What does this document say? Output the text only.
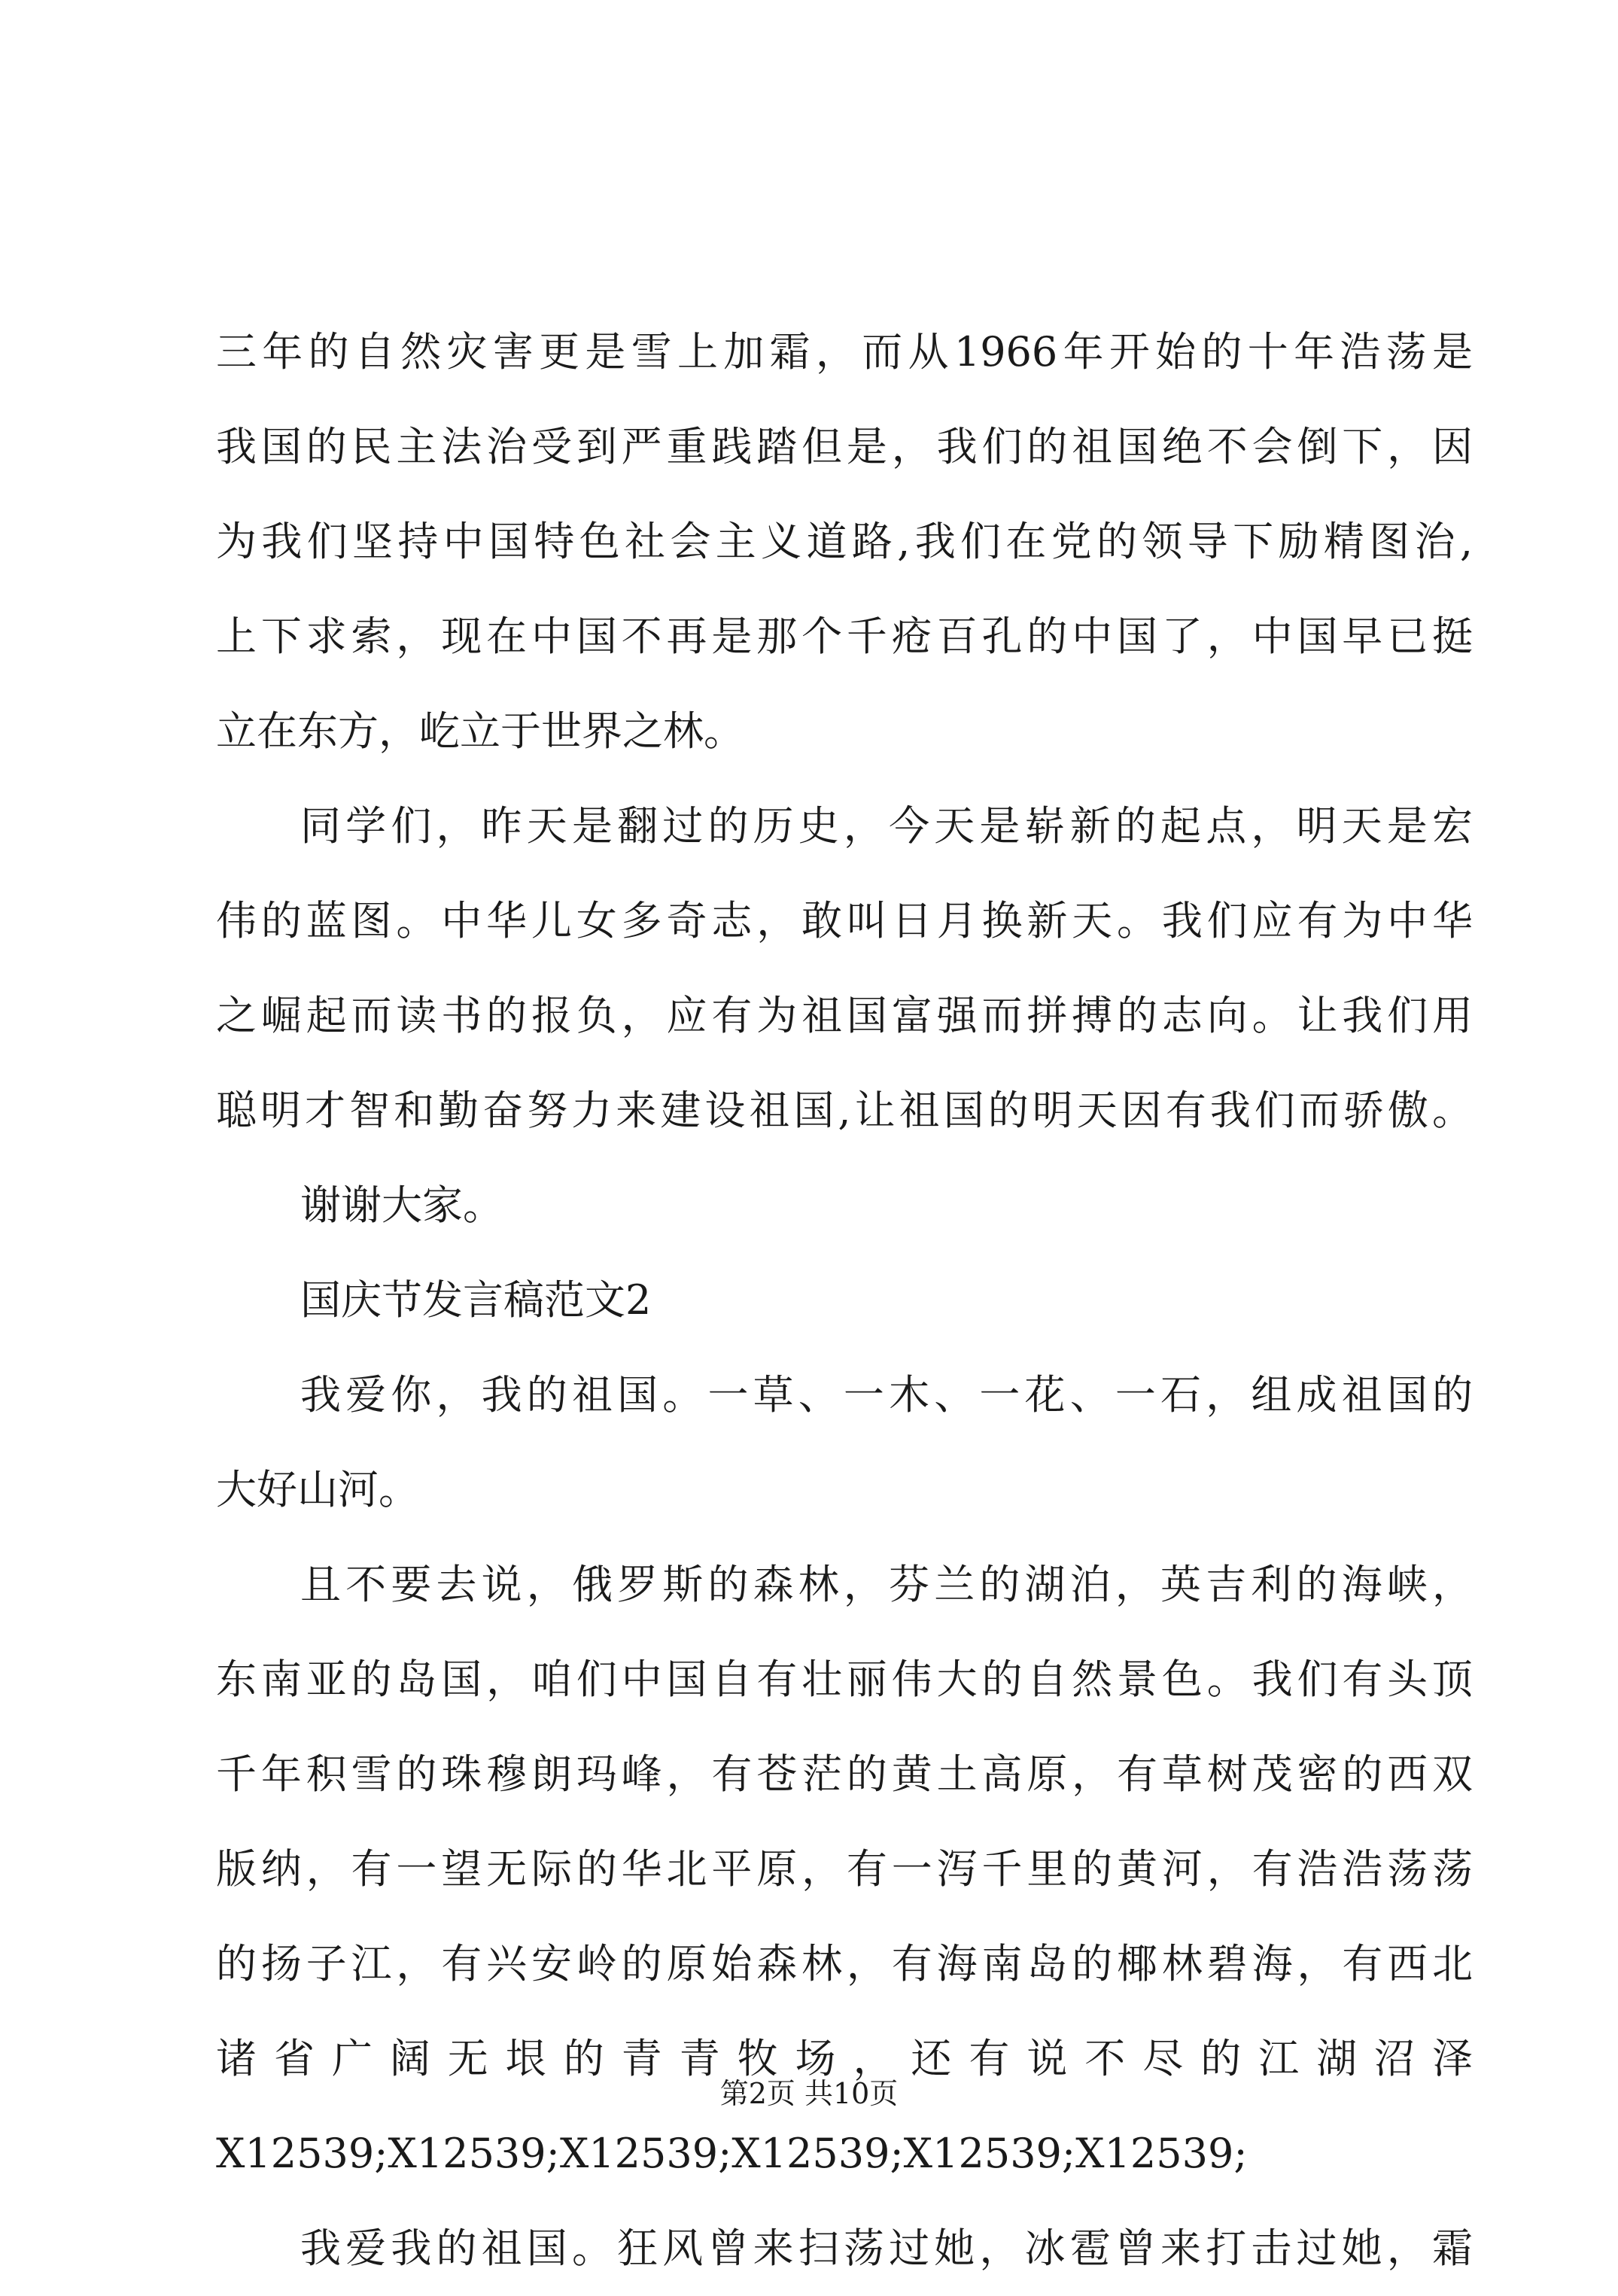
三年的自然灾害更是雪上加霜，而从1966年开始的十年浩荡是
我国的民主法治受到严重践踏但是，我们的祖国绝不会倒下，因
为我们坚持中国特色社会主义道路,我们在党的领导下励精图治,
上下求索，现在中国不再是那个千疮百孔的中国了，中国早已挺
立在东方，屹立于世界之林。
同学们，昨天是翻过的历史，今天是崭新的起点，明天是宏
伟的蓝图。中华儿女多奇志，敢叫日月换新天。我们应有为中华
之崛起而读书的报负，应有为祖国富强而拼搏的志向。让我们用
聪明才智和勤奋努力来建设祖国,让祖国的明天因有我们而骄傲。
谢谢大家。
国庆节发言稿范文2
我爱你，我的祖国。一草、一木、一花、一石，组成祖国的
大好山河。
且不要去说，俄罗斯的森林，芬兰的湖泊，英吉利的海峡，
东南亚的岛国，咱们中国自有壮丽伟大的自然景色。我们有头顶
千年积雪的珠穆朗玛峰，有苍茫的黄土高原，有草树茂密的西双
版纳，有一望无际的华北平原，有一泻千里的黄河，有浩浩荡荡
的扬子江，有兴安岭的原始森林，有海南岛的椰林碧海，有西北
诸省广阔无垠的青青牧场，还有说不尽的江湖沼泽
X12539;X12539;X12539;X12539;X12539;X12539;
我爱我的祖国。狂风曾来扫荡过她，冰雹曾来打击过她，霜
第2页 共10页
